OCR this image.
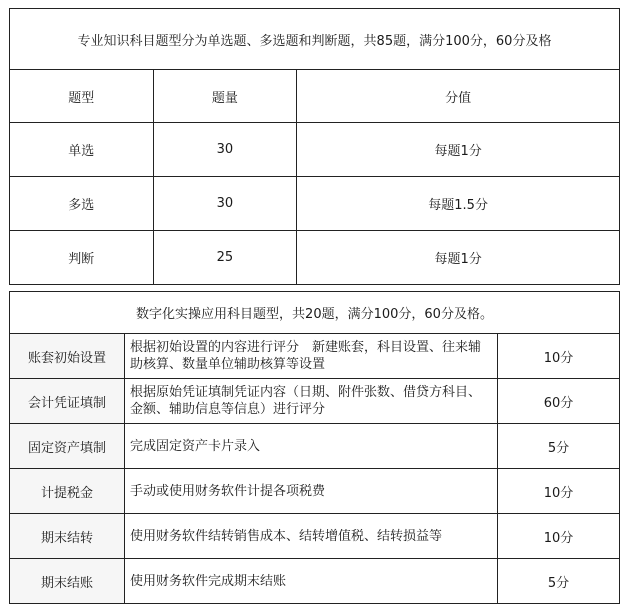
专业知识科目题型分为单选题、多选题和判断题，共85题，满分100分，60分及格		
题型	题量	分值
单选	30	每题1分
多选	30	每题1.5分
判断	25	每题1分
数字化实操应用科目题型，共20题，满分100分，60分及格。		
账套初始设置	根据初始设置的内容进行评分　新建账套，科目设置、往来辅助核算、数量单位辅助核算等设置	10分
会计凭证填制	根据原始凭证填制凭证内容（日期、附件张数、借贷方科目、金额、辅助信息等信息）进行评分	60分
固定资产填制	完成固定资产卡片录入	5分
计提税金	手动或使用财务软件计提各项税费	10分
期末结转	使用财务软件结转销售成本、结转增值税、结转损益等	10分
期末结账	使用财务软件完成期末结账	5分
